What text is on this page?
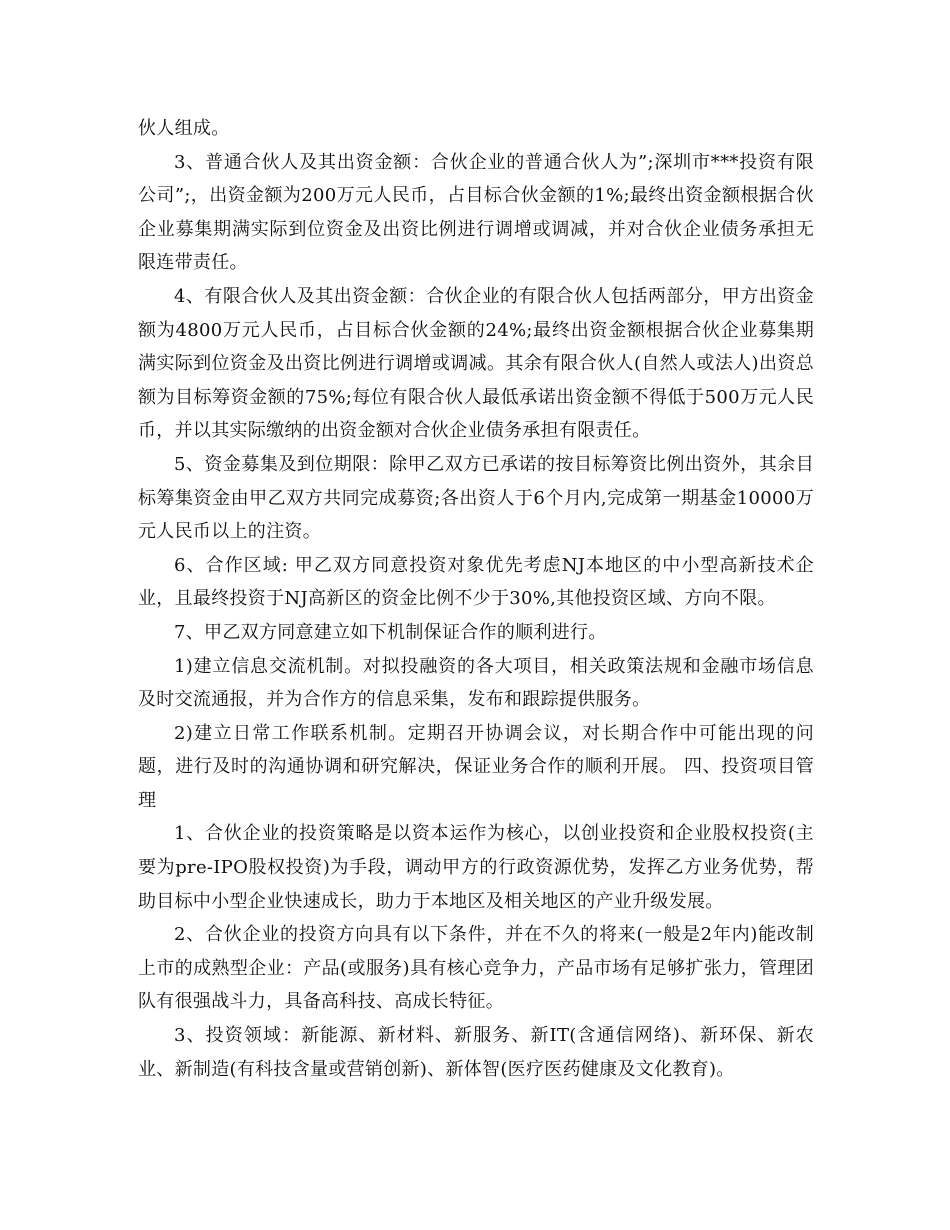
伙人组成。

3、普通合伙人及其出资金额：合伙企业的普通合伙人为”;深圳市***投资有限公司”;，出资金额为200万元人民币，占目标合伙金额的1%;最终出资金额根据合伙企业募集期满实际到位资金及出资比例进行调增或调减，并对合伙企业债务承担无限连带责任。

4、有限合伙人及其出资金额：合伙企业的有限合伙人包括两部分，甲方出资金额为4800万元人民币，占目标合伙金额的24%;最终出资金额根据合伙企业募集期满实际到位资金及出资比例进行调增或调减。其余有限合伙人(自然人或法人)出资总额为目标筹资金额的75%;每位有限合伙人最低承诺出资金额不得低于500万元人民币，并以其实际缴纳的出资金额对合伙企业债务承担有限责任。

5、资金募集及到位期限：除甲乙双方已承诺的按目标筹资比例出资外，其余目标筹集资金由甲乙双方共同完成募资;各出资人于6个月内,完成第一期基金10000万元人民币以上的注资。

6、合作区域: 甲乙双方同意投资对象优先考虑NJ本地区的中小型高新技术企业，且最终投资于NJ高新区的资金比例不少于30%,其他投资区域、方向不限。

7、甲乙双方同意建立如下机制保证合作的顺利进行。

1)建立信息交流机制。对拟投融资的各大项目，相关政策法规和金融市场信息及时交流通报，并为合作方的信息采集，发布和跟踪提供服务。

2)建立日常工作联系机制。定期召开协调会议，对长期合作中可能出现的问题，进行及时的沟通协调和研究解决，保证业务合作的顺利开展。 四、投资项目管理

1、合伙企业的投资策略是以资本运作为核心，以创业投资和企业股权投资(主要为pre-IPO股权投资)为手段，调动甲方的行政资源优势，发挥乙方业务优势，帮助目标中小型企业快速成长，助力于本地区及相关地区的产业升级发展。

2、合伙企业的投资方向具有以下条件，并在不久的将来(一般是2年内)能改制上市的成熟型企业：产品(或服务)具有核心竞争力，产品市场有足够扩张力，管理团队有很强战斗力，具备高科技、高成长特征。

3、投资领域：新能源、新材料、新服务、新IT(含通信网络)、新环保、新农业、新制造(有科技含量或营销创新)、新体智(医疗医药健康及文化教育)。
